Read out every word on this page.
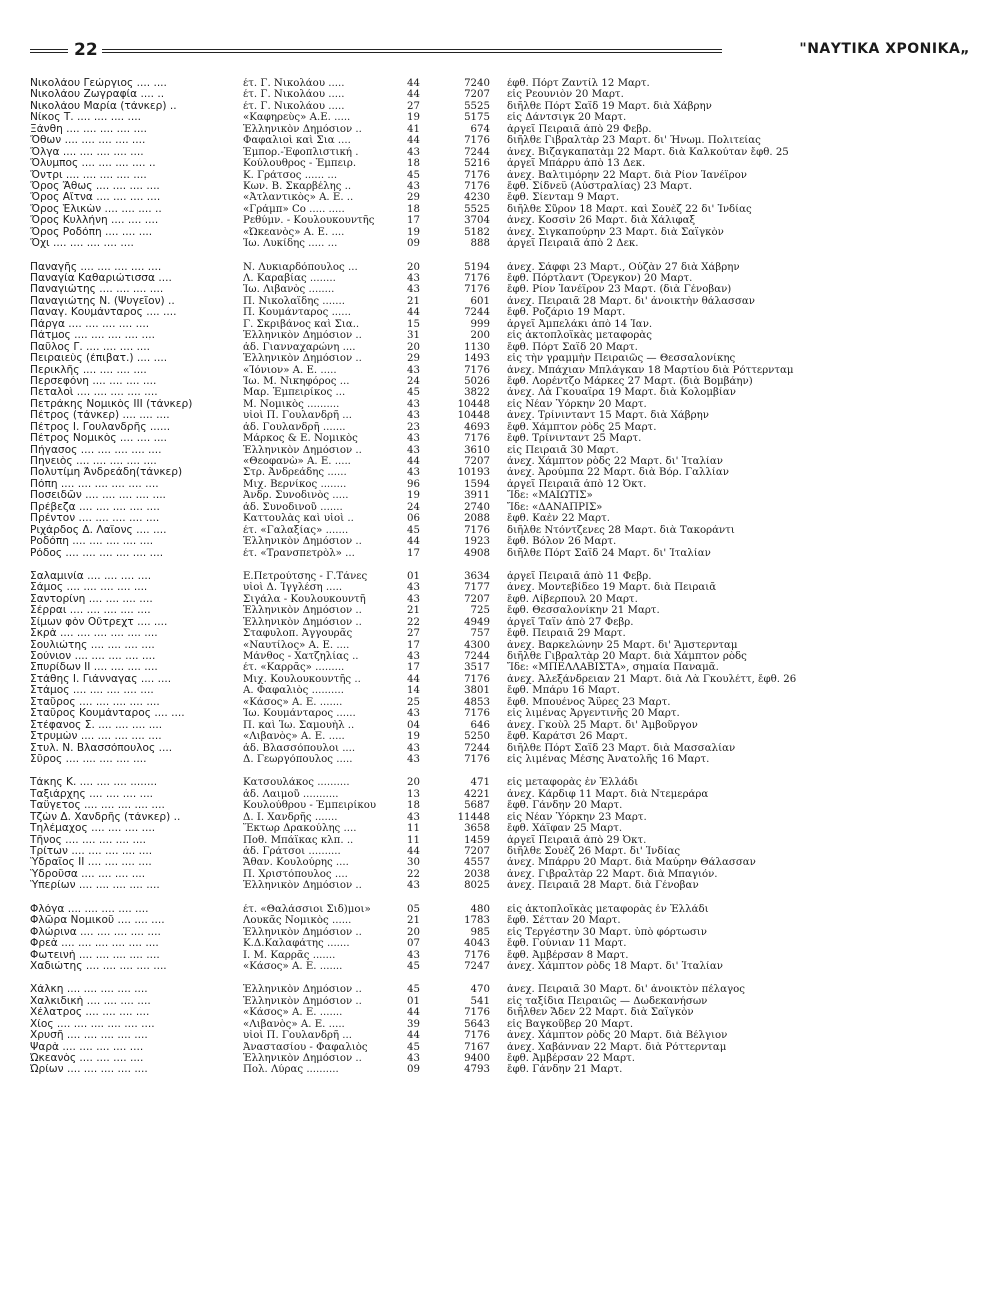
22	"ΝΑΥΤΙΚΑ ΧΡΟΝΙΚΑ„
Νικολάου Γεώργιος .... ....	έτ. Γ. Νικολάου .....	44	7240 έφθ. Πόρτ Ζαντίλ 12 Μαρτ.
Νικολάου Ζωγραφία .... ..	έτ. Γ. Νικολάου .....	44	7207 εἰς Ρεουνιὸν 20 Μαρτ.
Νικολάου Μαρία (τάνκερ) ..	έτ. Γ. Νικολάου .....	27	5525 διῆλθε Πόρτ Σαΐδ 19 Μαρτ. διὰ Χάβρην
Νίκος Τ. .... .... .... ....	«Καφηρεὺς» Α.Ε. .....	19	5175 εἰς Δάντσιγκ 20 Μαρτ.
Ξάνθη .... .... .... .... ....	Ἑλληνικὸν Δημόσιον ..	41	674 ἀργεῖ Πειραιᾶ ἀπὸ 29 Φεβρ.
Ὄθων .... .... .... .... ....	Φαφαλιοὶ καὶ Σια ....	44	7176 διῆλθε Γιβραλτὰρ 23 Μαρτ. δι' Ἠνωμ. Πολιτείας
Ὄλγα .... .... .... .... ....	Ἐμπορ.-Ἐφοπλιστική .	43	7244 ἀνεχ. Βιζαγκαπατὰμ 22 Μαρτ. διὰ Καλκούταν ἔφθ. 25
Ὄλυμπος .... .... .... .... ..	Κούλουθρος - Ἐμπειρ.	18	5216 ἀργεῖ Μπάρρυ ἀπὸ 13 Δεκ.
Ὄντρι .... .... .... .... ....	Κ. Γράτσος ...... ...	45	7176 ἀνεχ. Βαλτιμόρην 22 Μαρτ. διὰ Ρίον Ἰανέϊρον
Ὄρος Ἄθως .... .... .... ....	Κων. Β. Σκαρβέλης ..	43	7176 ἔφθ. Σίδνεϋ (Αὐστραλίας) 23 Μαρτ.
Ὄρος Αἴτνα .... .... .... ....	«Ἀτλαντικὸς» Α. Ε. ..	29	4230 ἔφθ. Σίενταμ 9 Μαρτ.
Ὄρος Ἑλικὼν .... .... .... ..	«Γράμπ» Co ..... .....	18	5525 διῆλθε Σῦρον 18 Μαρτ. καὶ Σουὲζ 22 δι' Ἰνδίας
Ὄρος Κυλλήνη .... .... ....	Ρεθύμν. - Κουλουκουντῆς	17	3704 ἀνεχ. Κοσσὶν 26 Μαρτ. διὰ Χάλιφαξ
Ὄρος Ροδόπη .... .... ....	«Ὠκεανὸς» Α. Ε. ....	19	5182 ἀνεχ. Σιγκαπούρην 23 Μαρτ. διὰ Σαϊγκὸν
Ὄχι .... .... .... .... ....	Ἰω. Λυκίδης ..... ...	09	888 ἀργεῖ Πειραιᾶ ἀπὸ 2 Δεκ.
Παναγῆς .... .... .... .... ....	Ν. Λυκιαρδόπουλος ...	20	5194 ἀνεχ. Σάφφι 23 Μαρτ., Οὐζὰν 27 διὰ Χάβρην
Παναγία Καθαριώτισσα ....	Λ. Καραβίας ........	43	7176 ἔφθ. Πόρτλαντ (Ὄρεγκον) 20 Μαρτ.
Παναγιώτης .... .... .... ....	Ἰω. Λιβανὸς ........	43	7176 ἔφθ. Ρίον Ἰανέϊρον 23 Μαρτ. (διὰ Γένοβαν)
Παναγιώτης Ν. (Ψυγεῖον) ..	Π. Νικολαΐδης .......	21	601 ἀνεχ. Πειραιᾶ 28 Μαρτ. δι' ἀνοικτὴν θάλασσαν
Παναγ. Κουμάνταρος .... ....	Π. Κουμάνταρος ......	44	7244 ἔφθ. Ροζάριο 19 Μαρτ.
Πάργα .... .... .... .... ....	Γ. Σκριβάνος καὶ Σια..	15	999 ἀργεῖ Ἀμπελάκι ἀπὸ 14 Ἰαν.
Πάτμος .... .... .... .... ....	Ἑλληνικὸν Δημόσιον ..	31	200 εἰς ἀκτοπλοϊκὰς μεταφορὰς
Παῦλος Γ. .... .... .... ....	ἀδ. Γιανναχαρώνη ....	20	1130 ἔφθ. Πόρτ Σαΐδ 20 Μαρτ.
Πειραιεὺς (ἐπιβατ.) .... ....	Ἑλληνικὸν Δημόσιον ..	29	1493 εἰς τὴν γραμμὴν Πειραιῶς — Θεσσαλονίκης
Περικλῆς .... .... .... ....	«Ἰόνιον» Α. Ε. .....	43	7176 ἀνεχ. Μπάχιαν Μπλάγκαν 18 Μαρτίου διὰ Ρόττερνταμ
Περσεφόνη .... .... .... ....	Ἰω. Μ. Νικηφόρος ...	24	5026 ἔφθ. Λορέντζο Μάρκες 27 Μαρτ. (διὰ Βομβάην)
Πεταλοὶ .... .... .... .... ....	Μαρ. Ἐμπειρίκος ...	45	3822 ἀνεχ. Λὰ Γκουαΐρα 19 Μαρτ. διὰ Κολομβίαν
Πετράκης Νομικὸς III (τάνκερ)	Μ. Νομικὸς ..........	43	10448 εἰς Νέαν Ὑόρκην 20 Μαρτ.
Πέτρος (τάνκερ) .... .... ....	υἱοὶ Π. Γουλανδρῆ ...	43	10448 ἀνεχ. Τρίνινταντ 15 Μαρτ. διὰ Χάβρην
Πέτρος Ι. Γουλανδρῆς ......	ἀδ. Γουλανδρῆ .......	23	4693 ἔφθ. Χάμπτον ρὸδς 25 Μαρτ.
Πέτρος Νομικὸς .... .... ....	Μάρκος & Ε. Νομικὸς	43	7176 ἔφθ. Τρίνινταντ 25 Μαρτ.
Πήγασος .... .... .... .... ....	Ἑλληνικὸν Δημόσιον ..	43	3610 εἰς Πειραιᾶ 30 Μαρτ.
Πηνειὸς .... .... .... .... ....	«Θεοφανὼ» Α. Ε. .....	44	7207 ἀνεχ. Χάμπτον ρὸδς 22 Μαρτ. δι' Ἰταλίαν
Πολυτίμη Ἀνδρεάδη(τάνκερ)	Στρ. Ἀνδρεάδης ......	43	10193 ἀνεχ. Ἀρούμπα 22 Μαρτ. διὰ Βόρ. Γαλλίαν
Πόπη .... .... .... .... .... ....	Μιχ. Βερνίκος ........	96	1594 ἀργεῖ Πειραιᾶ ἀπὸ 12 Ὀκτ.
Ποσειδῶν .... .... .... .... ....	Ἀνδρ. Συνοδινὸς .....	19	3911 Ἴδε: «ΜΑΙΩΤΙΣ»
Πρέβεζα .... .... .... .... ....	ἀδ. Συνοδινοῦ .......	24	2740 Ἴδε: «ΔΑΝΑΠΡΙΣ»
Πρέντον .... .... .... .... ....	Καττουλὰς καὶ υἱοὶ ..	06	2088 ἔφθ. Καὲν 22 Μαρτ.
Ριχάρδος Δ. Λαΐονς .... ....	έτ. «Γαλαξίας» .......	45	7176 διῆλθε Ντόντζενες 28 Μαρτ. διὰ Τακοράντι
Ροδόπη .... .... .... .... ....	Ἑλληνικὸν Δημόσιον ..	44	1923 ἔφθ. Βόλον 26 Μαρτ.
Ρόδος .... .... .... .... .... ....	έτ. «Τρανσπετρὸλ» ...	17	4908 διῆλθε Πόρτ Σαΐδ 24 Μαρτ. δι' Ἰταλίαν
Σαλαμινία .... .... .... ....	Ε.Πετρούτσης - Γ.Τάνες	01	3634 ἀργεῖ Πειραιᾶ ἀπὸ 11 Φεβρ.
Σάμος .... .... .... .... ....	υἱοὶ Δ. Ἰγγλέση .....	43	7177 ἀνεχ. Μοντεβίδεο 19 Μαρτ. διὰ Πειραιᾶ
Σαντορίνη .... .... .... ....	Σιγάλα - Κουλουκουντῆ	43	7207 ἔφθ. Λίβερπουλ 20 Μαρτ.
Σέρραι .... .... .... .... ....	Ἑλληνικὸν Δημόσιον ..	21	725 ἔφθ. Θεσσαλονίκην 21 Μαρτ.
Σίμων φὸν Οὔτρεχτ .... ....	Ἑλληνικὸν Δημόσιον ..	22	4949 ἀργεῖ Ταΐν ἀπὸ 27 Φεβρ.
Σκρὰ .... .... .... .... .... ....	Σταφυλοπ. Ἀγγουρᾶς	27	757 ἔφθ. Πειραιᾶ 29 Μαρτ.
Σουλιώτης .... .... .... ....	«Ναυτίλος» Α. Ε. ....	17	4300 ἀνεχ. Βαρκελώνην 25 Μαρτ. δι' Ἄμστερνταμ
Σούνιον .... .... .... .... ....	Μάνθος - Χατζηλίας ..	43	7244 διῆλθε Γιβραλτὰρ 20 Μαρτ. διὰ Χάμπτον ρὸδς
Σπυρίδων ΙΙ .... .... .... ....	έτ. «Καρρᾶς» .........	17	3517 Ἴδε: «ΜΠΕΛΛΑΒΙΣΤΑ», σημαία Παναμᾶ.
Στάθης Ι. Γιάνναγας .... ....	Μιχ. Κουλουκουντῆς ..	44	7176 ἀνεχ. Ἀλεξάνδρειαν 21 Μαρτ. διὰ Λὰ Γκουλέττ, ἔφθ. 26
Στάμος .... .... .... .... ....	Α. Φαφαλιὸς ..........	14	3801 ἔφθ. Μπάρυ 16 Μαρτ.
Σταῦρος .... .... .... .... ....	«Κάσος» Α. Ε. .......	25	4853 ἔφθ. Μπουένος Ἄϋρες 23 Μαρτ.
Σταῦρος Κουμάνταρος .... ....	Ἰω. Κουμάνταρος ......	43	7176 εἰς λιμένας Ἀργεντινῆς 20 Μαρτ.
Στέφανος Σ. .... .... .... ....	Π. καὶ Ἰω. Σαμουὴλ ..	04	646 ἀνεχ. Γκοὺλ 25 Μαρτ. δι' Ἀμβοῦργον
Στρυμὼν .... .... .... .... ....	«Λιβανὸς» Α. Ε. .....	19	5250 ἔφθ. Καράτσι 26 Μαρτ.
Στυλ. Ν. Βλασσόπουλος ....	ἀδ. Βλασσόπουλοι ....	43	7244 διῆλθε Πόρτ Σαΐδ 23 Μαρτ. διὰ Μασσαλίαν
Σῦρος .... .... .... .... ....	Δ. Γεωργόπουλος .....	43	7176 εἰς λιμένας Μέσης Ἀνατολῆς 16 Μαρτ.
Τάκης Κ. .... .... .... ........	Κατσουλάκος ..........	20	471 εἰς μεταφορὰς ἐν Ἑλλάδι
Ταξιάρχης .... .... .... ....	ἀδ. Λαιμοῦ ...........	13	4221 ἀνεχ. Κάρδιφ 11 Μαρτ. διὰ Ντεμεράρα
Ταΰγετος .... .... .... .... ....	Κουλούθρου - Ἐμπειρίκου	18	5687 ἔφθ. Γάνδην 20 Μαρτ.
Τζὼν Δ. Χανδρῆς (τάνκερ) ..	Δ. Ι. Χανδρῆς .......	43	11448 εἰς Νέαν Ὑόρκην 23 Μαρτ.
Τηλέμαχος .... .... .... ....	Ἕκτωρ Δρακούλης ....	11	3658 ἔφθ. Χάϊφαν 25 Μαρτ.
Τῆνος .... .... .... .... ....	Ποθ. Μπάϊκας κλπ. ..	11	1459 ἀργεῖ Πειραιᾶ ἀπὸ 29 Ὀκτ.
Τρίτων .... .... .... .... ....	ἀδ. Γράτσοι ..........	44	7207 διῆλθε Σουὲζ 26 Μαρτ. δι' Ἰνδίας
Ὑδραῖος ΙΙ .... .... .... ....	Ἄθαν. Κουλούρης ....	30	4557 ἀνεχ. Μπάρρυ 20 Μαρτ. διὰ Μαύρην Θάλασσαν
Ὑδροῦσα .... .... .... ....	Π. Χριστόπουλος ....	22	2038 ἀνεχ. Γιβραλτὰρ 22 Μαρτ. διὰ Μπαγιόν.
Ὑπερίων .... .... .... .... ....	Ἑλληνικὸν Δημόσιον ..	43	8025 ἀνεχ. Πειραιᾶ 28 Μαρτ. διὰ Γένοβαν
Φλόγα .... .... .... .... ....	έτ. «Θαλάσσιοι Σιδ)μοι»	05	480 εἰς ἀκτοπλοϊκὰς μεταφορὰς ἐν Ἑλλάδι
Φλῶρα Νομικοῦ .... .... ....	Λουκᾶς Νομικὸς ......	21	1783 ἔφθ. Σέτταν 20 Μαρτ.
Φλώρινα .... .... .... .... ....	Ἑλληνικὸν Δημόσιον ..	20	985 εἰς Τεργέστην 30 Μαρτ. ὑπὸ φόρτωσιν
Φρεὰ .... .... .... .... .... ....	Κ.Δ.Καλαφάτης .......	07	4043 ἔφθ. Γούνιαν 11 Μαρτ.
Φωτεινὴ .... .... .... .... ....	Ι. Μ. Καρρᾶς .......	43	7176 ἔφθ. Ἀμβέρσαν 8 Μαρτ.
Χαδιώτης .... .... .... .... ....	«Κάσος» Α. Ε. .......	45	7247 ἀνεχ. Χάμπτον ρὸδς 18 Μαρτ. δι' Ἰταλίαν
Χάλκη .... .... .... .... ....	Ἑλληνικὸν Δημόσιον ..	45	470 ἀνεχ. Πειραιᾶ 30 Μαρτ. δι' ἀνοικτὸν πέλαγος
Χαλκιδικὴ .... .... .... ....	Ἑλληνικὸν Δημόσιον ..	01	541 εἰς ταξίδια Πειραιῶς — Δωδεκανήσων
Χέλατρος .... .... .... ....	«Κάσος» Α. Ε. .......	44	7176 διῆλθεν Ἄδεν 22 Μαρτ. διὰ Σαϊγκὸν
Χίος .... .... .... .... .... ....	«Λιβανὸς» Α. Ε. .....	39	5643 εἰς Βαγκοῦβερ 20 Μαρτ.
Χρυσῆ .... .... .... .... ....	υἱοὶ Π. Γουλανδρῆ ...	44	7176 ἀνεχ. Χάμπτον ρὸδς 20 Μαρτ. διὰ Βέλγιον
Ψαρὰ .... .... .... .... ....	Ἀναστασίου - Φαφαλιὸς	45	7167 ἀνεχ. Χαβάνναν 22 Μαρτ. διὰ Ρόττερνταμ
Ὠκεανὸς .... .... .... ....	Ἑλληνικὸν Δημόσιον ..	43	9400 ἔφθ. Ἀμβέρσαν 22 Μαρτ.
Ὠρίων .... .... .... .... ....	Πολ. Λύρας ..........	09	4793 ἔφθ. Γάνδην 21 Μαρτ.
